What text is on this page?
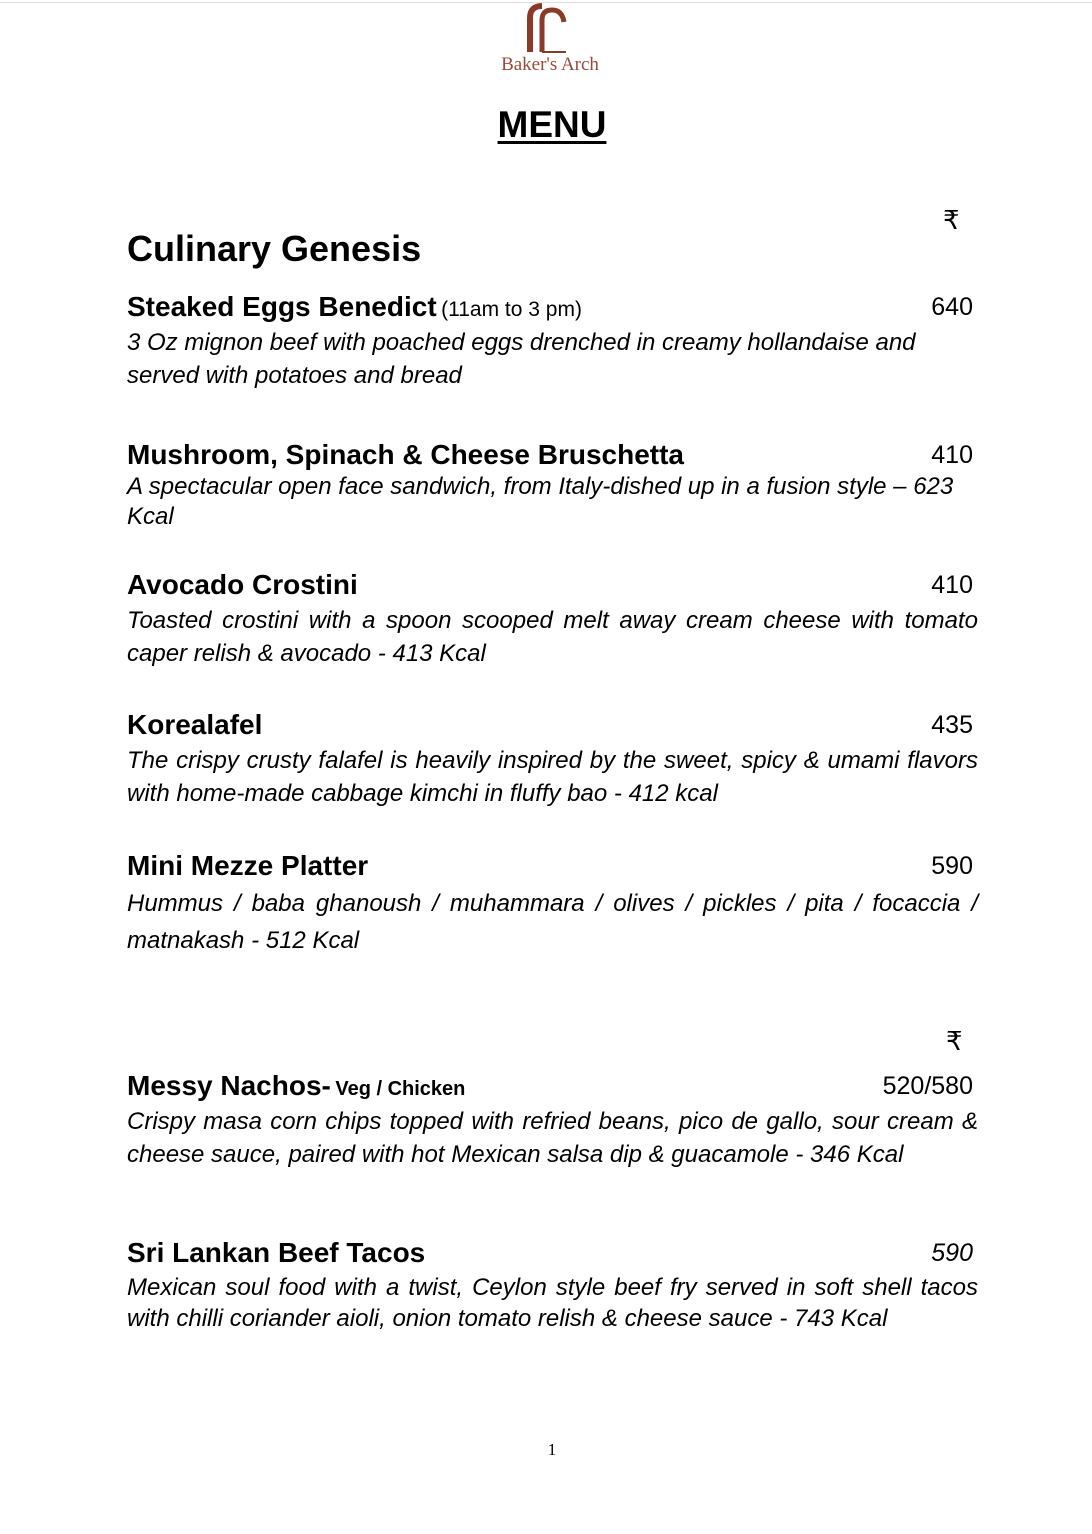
Baker's Arch
MENU
₹
Culinary Genesis
Steaked Eggs Benedict (11am to 3 pm)	640
3 Oz mignon beef with poached eggs drenched in creamy hollandaise and served with potatoes and bread
Mushroom, Spinach & Cheese Bruschetta	410
A spectacular open face sandwich, from Italy-dished up in a fusion style – 623 Kcal
Avocado Crostini	410
Toasted crostini with a spoon scooped melt away cream cheese with tomato caper relish & avocado - 413 Kcal
Korealafel	435
The crispy crusty falafel is heavily inspired by the sweet, spicy & umami flavors with home-made cabbage kimchi in fluffy bao - 412 kcal
Mini Mezze Platter	590
Hummus / baba ghanoush / muhammara / olives / pickles / pita / focaccia / matnakash - 512 Kcal
₹
Messy Nachos- Veg / Chicken	520/580
Crispy masa corn chips topped with refried beans, pico de gallo, sour cream & cheese sauce, paired with hot Mexican salsa dip & guacamole - 346 Kcal
Sri Lankan Beef Tacos	590
Mexican soul food with a twist, Ceylon style beef fry served in soft shell tacos with chilli coriander aioli, onion tomato relish & cheese sauce - 743 Kcal
1
